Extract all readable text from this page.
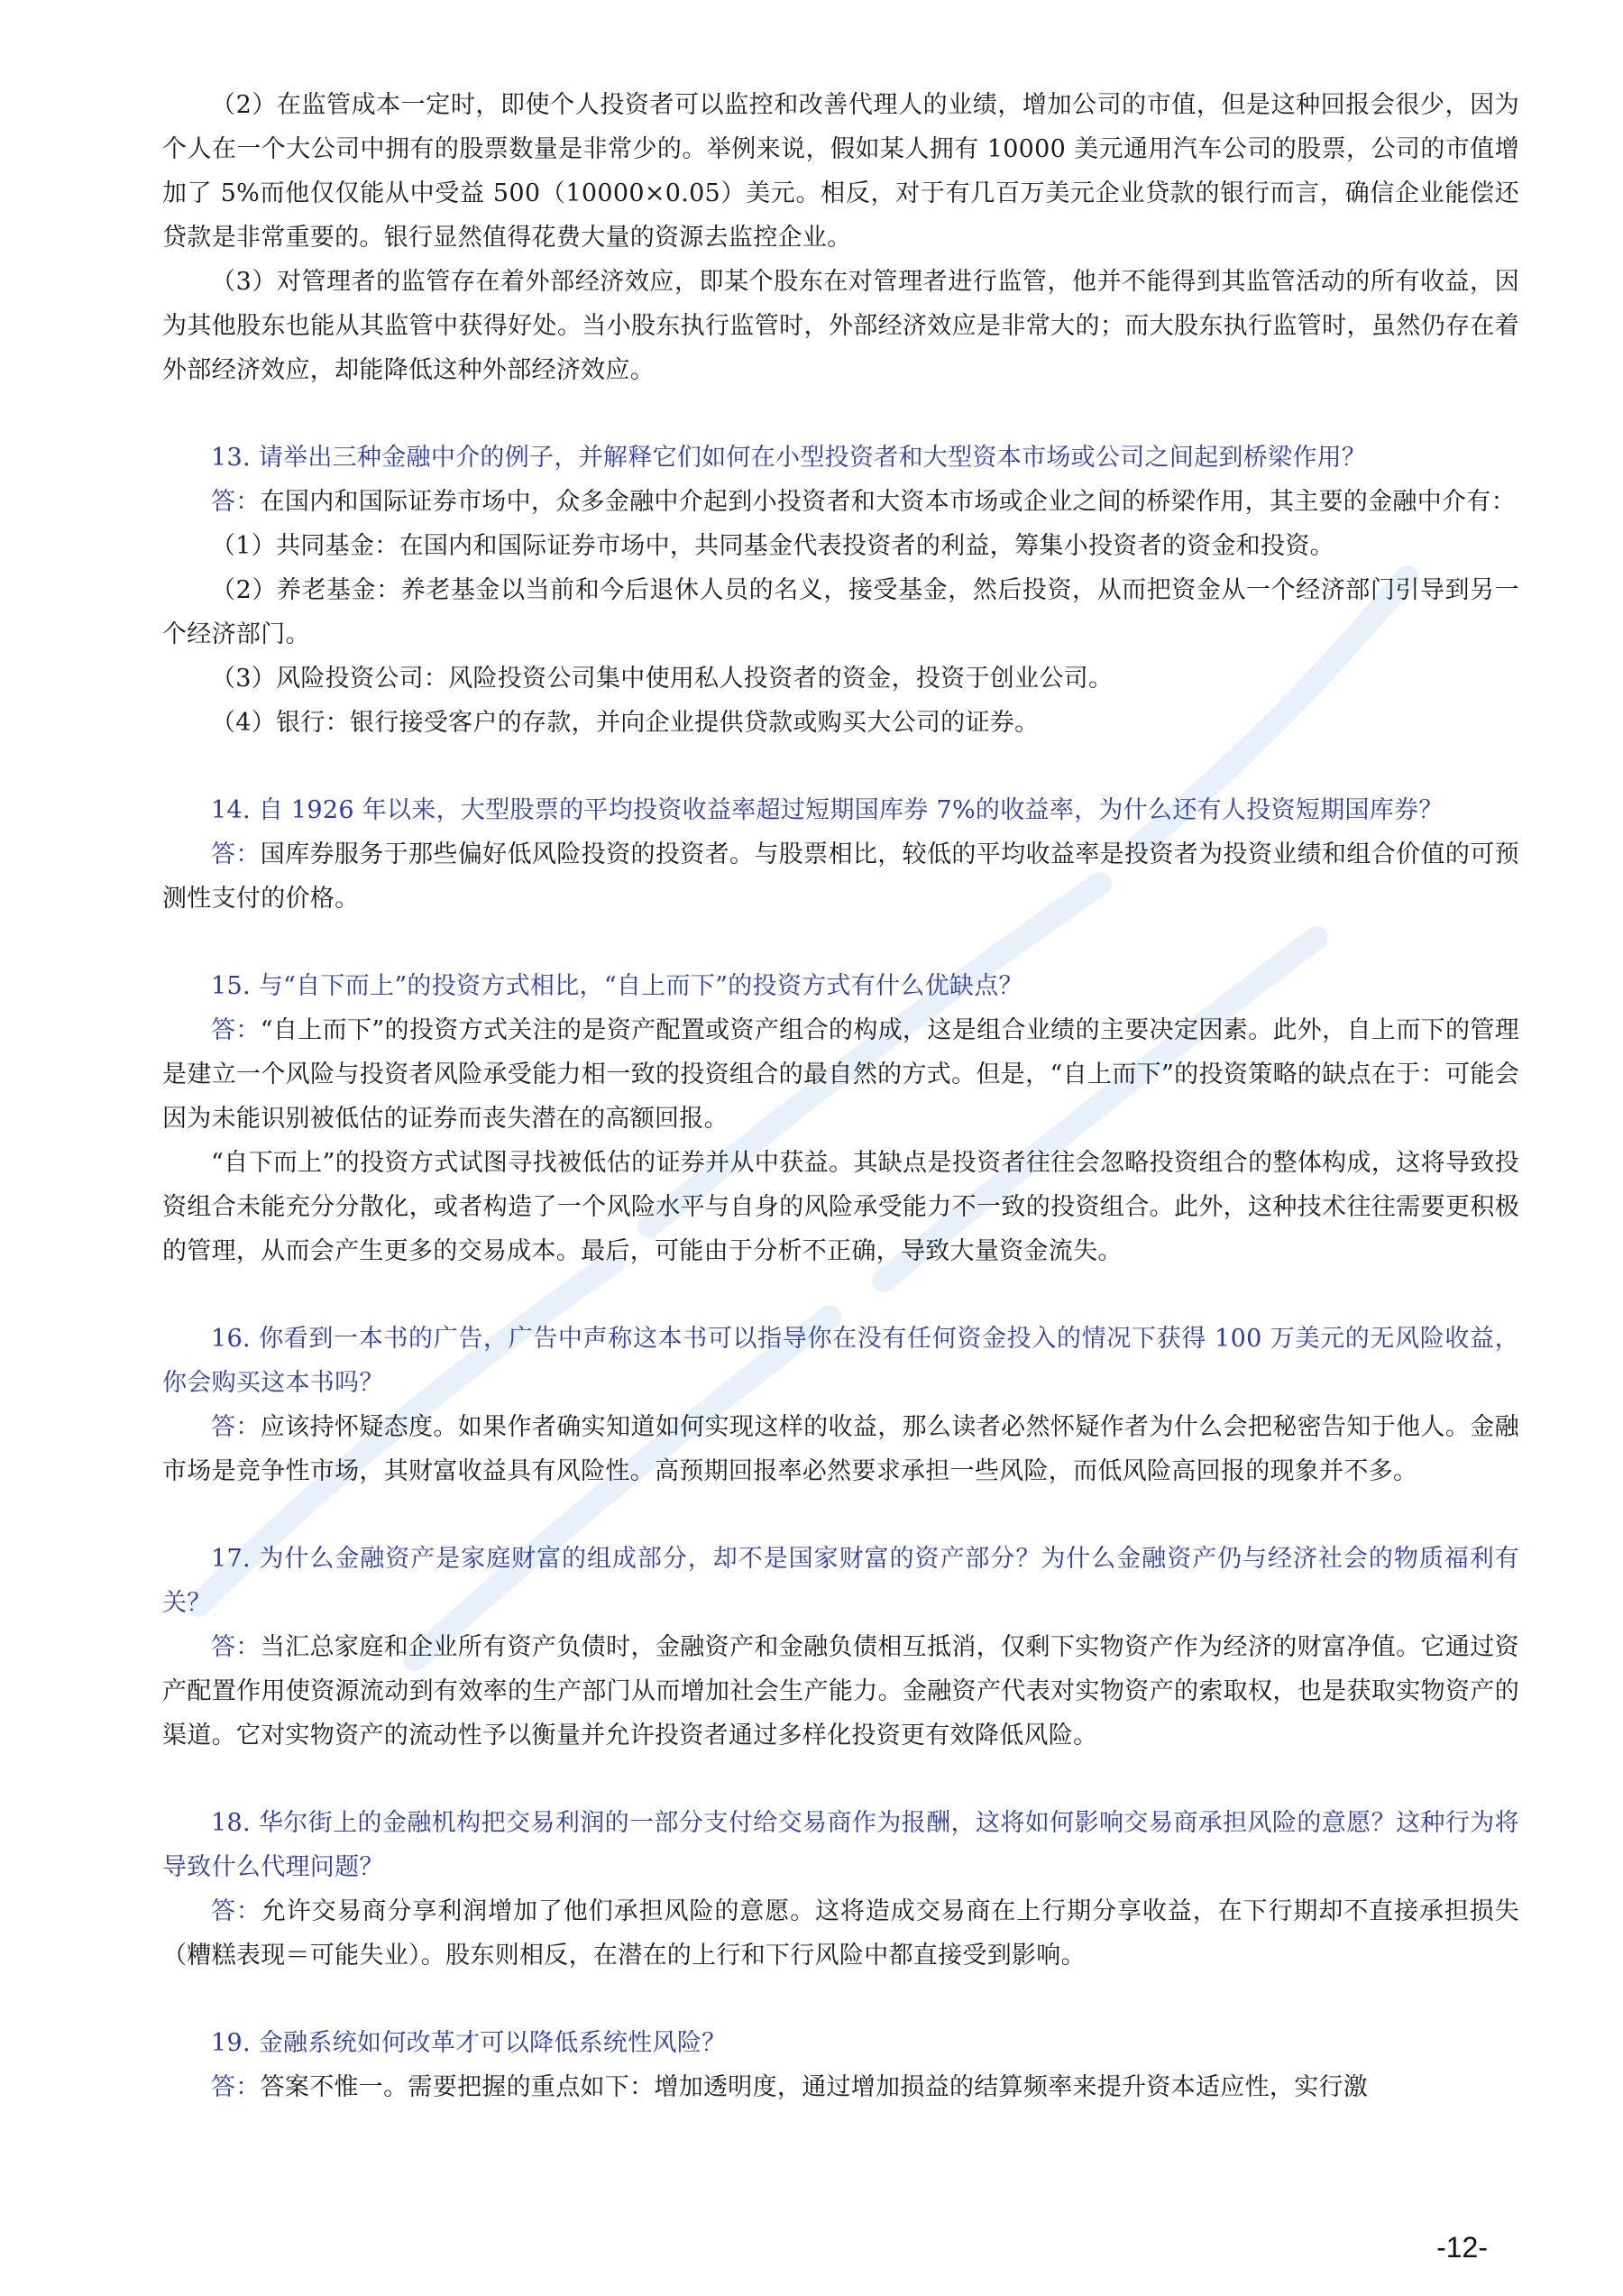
（2）在监管成本一定时，即使个人投资者可以监控和改善代理人的业绩，增加公司的市值，但是这种回报会很少，因为个人在一个大公司中拥有的股票数量是非常少的。举例来说，假如某人拥有 10000 美元通用汽车公司的股票，公司的市值增加了 5%而他仅仅能从中受益 500（10000×0.05）美元。相反，对于有几百万美元企业贷款的银行而言，确信企业能偿还贷款是非常重要的。银行显然值得花费大量的资源去监控企业。

（3）对管理者的监管存在着外部经济效应，即某个股东在对管理者进行监管，他并不能得到其监管活动的所有收益，因为其他股东也能从其监管中获得好处。当小股东执行监管时，外部经济效应是非常大的；而大股东执行监管时，虽然仍存在着外部经济效应，却能降低这种外部经济效应。

13. 请举出三种金融中介的例子，并解释它们如何在小型投资者和大型资本市场或公司之间起到桥梁作用？

答：在国内和国际证券市场中，众多金融中介起到小投资者和大资本市场或企业之间的桥梁作用，其主要的金融中介有：

（1）共同基金：在国内和国际证券市场中，共同基金代表投资者的利益，筹集小投资者的资金和投资。

（2）养老基金：养老基金以当前和今后退休人员的名义，接受基金，然后投资，从而把资金从一个经济部门引导到另一个经济部门。

（3）风险投资公司：风险投资公司集中使用私人投资者的资金，投资于创业公司。

（4）银行：银行接受客户的存款，并向企业提供贷款或购买大公司的证券。

14. 自 1926 年以来，大型股票的平均投资收益率超过短期国库券 7%的收益率，为什么还有人投资短期国库券？

答：国库券服务于那些偏好低风险投资的投资者。与股票相比，较低的平均收益率是投资者为投资业绩和组合价值的可预测性支付的价格。

15. 与“自下而上”的投资方式相比，“自上而下”的投资方式有什么优缺点？

答：“自上而下”的投资方式关注的是资产配置或资产组合的构成，这是组合业绩的主要决定因素。此外，自上而下的管理是建立一个风险与投资者风险承受能力相一致的投资组合的最自然的方式。但是，“自上而下”的投资策略的缺点在于：可能会因为未能识别被低估的证券而丧失潜在的高额回报。

“自下而上”的投资方式试图寻找被低估的证券并从中获益。其缺点是投资者往往会忽略投资组合的整体构成，这将导致投资组合未能充分分散化，或者构造了一个风险水平与自身的风险承受能力不一致的投资组合。此外，这种技术往往需要更积极的管理，从而会产生更多的交易成本。最后，可能由于分析不正确，导致大量资金流失。

16. 你看到一本书的广告，广告中声称这本书可以指导你在没有任何资金投入的情况下获得 100 万美元的无风险收益，你会购买这本书吗？

答：应该持怀疑态度。如果作者确实知道如何实现这样的收益，那么读者必然怀疑作者为什么会把秘密告知于他人。金融市场是竞争性市场，其财富收益具有风险性。高预期回报率必然要求承担一些风险，而低风险高回报的现象并不多。

17. 为什么金融资产是家庭财富的组成部分，却不是国家财富的资产部分？为什么金融资产仍与经济社会的物质福利有关？

答：当汇总家庭和企业所有资产负债时，金融资产和金融负债相互抵消，仅剩下实物资产作为经济的财富净值。它通过资产配置作用使资源流动到有效率的生产部门从而增加社会生产能力。金融资产代表对实物资产的索取权，也是获取实物资产的渠道。它对实物资产的流动性予以衡量并允许投资者通过多样化投资更有效降低风险。

18. 华尔街上的金融机构把交易利润的一部分支付给交易商作为报酬，这将如何影响交易商承担风险的意愿？这种行为将导致什么代理问题？

答：允许交易商分享利润增加了他们承担风险的意愿。这将造成交易商在上行期分享收益，在下行期却不直接承担损失（糟糕表现＝可能失业）。股东则相反，在潜在的上行和下行风险中都直接受到影响。

19. 金融系统如何改革才可以降低系统性风险？

答：答案不惟一。需要把握的重点如下：增加透明度，通过增加损益的结算频率来提升资本适应性，实行激

-12-
